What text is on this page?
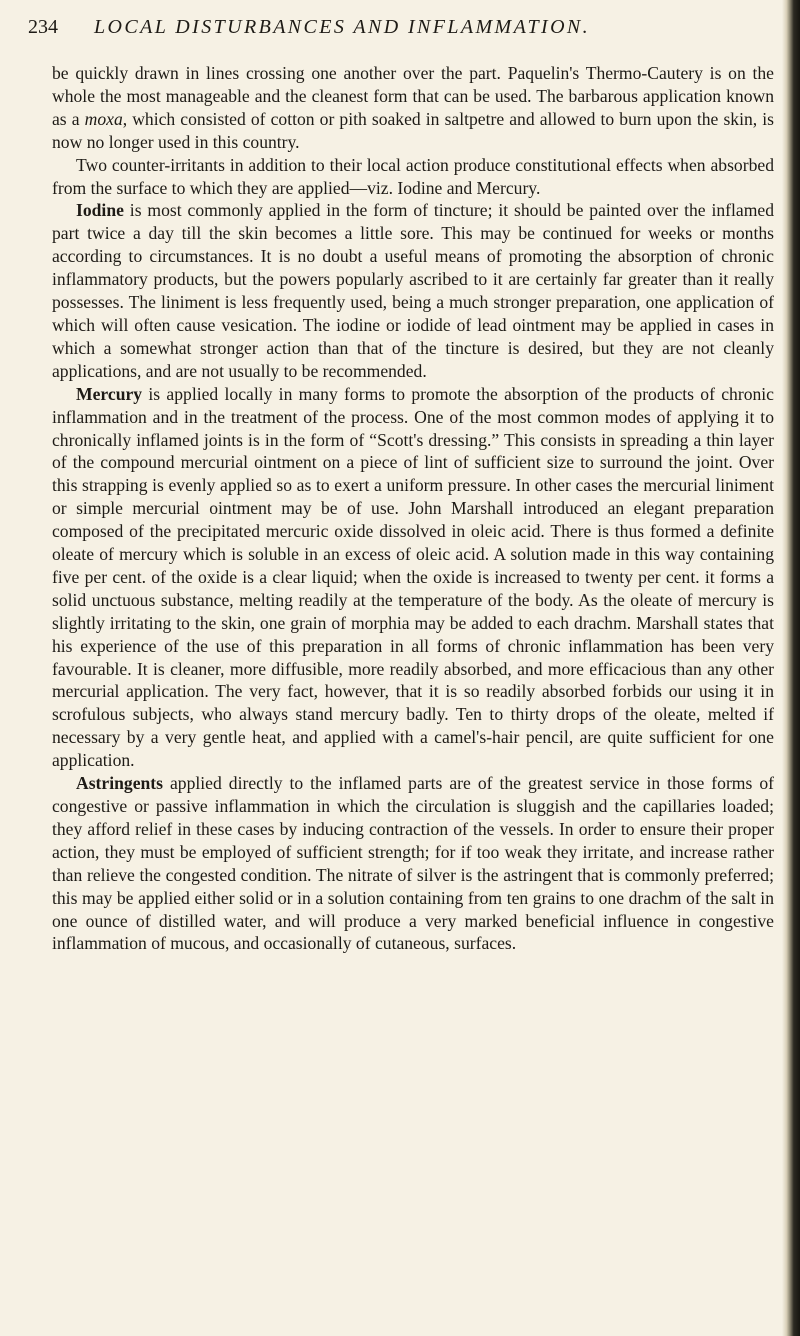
234	LOCAL DISTURBANCES AND INFLAMMATION.

be quickly drawn in lines crossing one another over the part. Paquelin's Thermo-Cautery is on the whole the most manageable and the cleanest form that can be used. The barbarous application known as a moxa, which consisted of cotton or pith soaked in saltpetre and allowed to burn upon the skin, is now no longer used in this country.

Two counter-irritants in addition to their local action produce constitutional effects when absorbed from the surface to which they are applied—viz. Iodine and Mercury.

Iodine is most commonly applied in the form of tincture; it should be painted over the inflamed part twice a day till the skin becomes a little sore. This may be continued for weeks or months according to circumstances. It is no doubt a useful means of promoting the absorption of chronic inflammatory products, but the powers popularly ascribed to it are certainly far greater than it really possesses. The liniment is less frequently used, being a much stronger preparation, one application of which will often cause vesication. The iodine or iodide of lead ointment may be applied in cases in which a somewhat stronger action than that of the tincture is desired, but they are not cleanly applications, and are not usually to be recommended.

Mercury is applied locally in many forms to promote the absorption of the products of chronic inflammation and in the treatment of the process. One of the most common modes of applying it to chronically inflamed joints is in the form of “Scott's dressing.” This consists in spreading a thin layer of the compound mercurial ointment on a piece of lint of sufficient size to surround the joint. Over this strapping is evenly applied so as to exert a uniform pressure. In other cases the mercurial liniment or simple mercurial ointment may be of use. John Marshall introduced an elegant preparation composed of the precipitated mercuric oxide dissolved in oleic acid. There is thus formed a definite oleate of mercury which is soluble in an excess of oleic acid. A solution made in this way containing five per cent. of the oxide is a clear liquid; when the oxide is increased to twenty per cent. it forms a solid unctuous substance, melting readily at the temperature of the body. As the oleate of mercury is slightly irritating to the skin, one grain of morphia may be added to each drachm. Marshall states that his experience of the use of this preparation in all forms of chronic inflammation has been very favourable. It is cleaner, more diffusible, more readily absorbed, and more efficacious than any other mercurial application. The very fact, however, that it is so readily absorbed forbids our using it in scrofulous subjects, who always stand mercury badly. Ten to thirty drops of the oleate, melted if necessary by a very gentle heat, and applied with a camel's-hair pencil, are quite sufficient for one application.

Astringents applied directly to the inflamed parts are of the greatest service in those forms of congestive or passive inflammation in which the circulation is sluggish and the capillaries loaded; they afford relief in these cases by inducing contraction of the vessels. In order to ensure their proper action, they must be employed of sufficient strength; for if too weak they irritate, and increase rather than relieve the congested condition. The nitrate of silver is the astringent that is commonly preferred; this may be applied either solid or in a solution containing from ten grains to one drachm of the salt in one ounce of distilled water, and will produce a very marked beneficial influence in congestive inflammation of mucous, and occasionally of cutaneous, surfaces.
